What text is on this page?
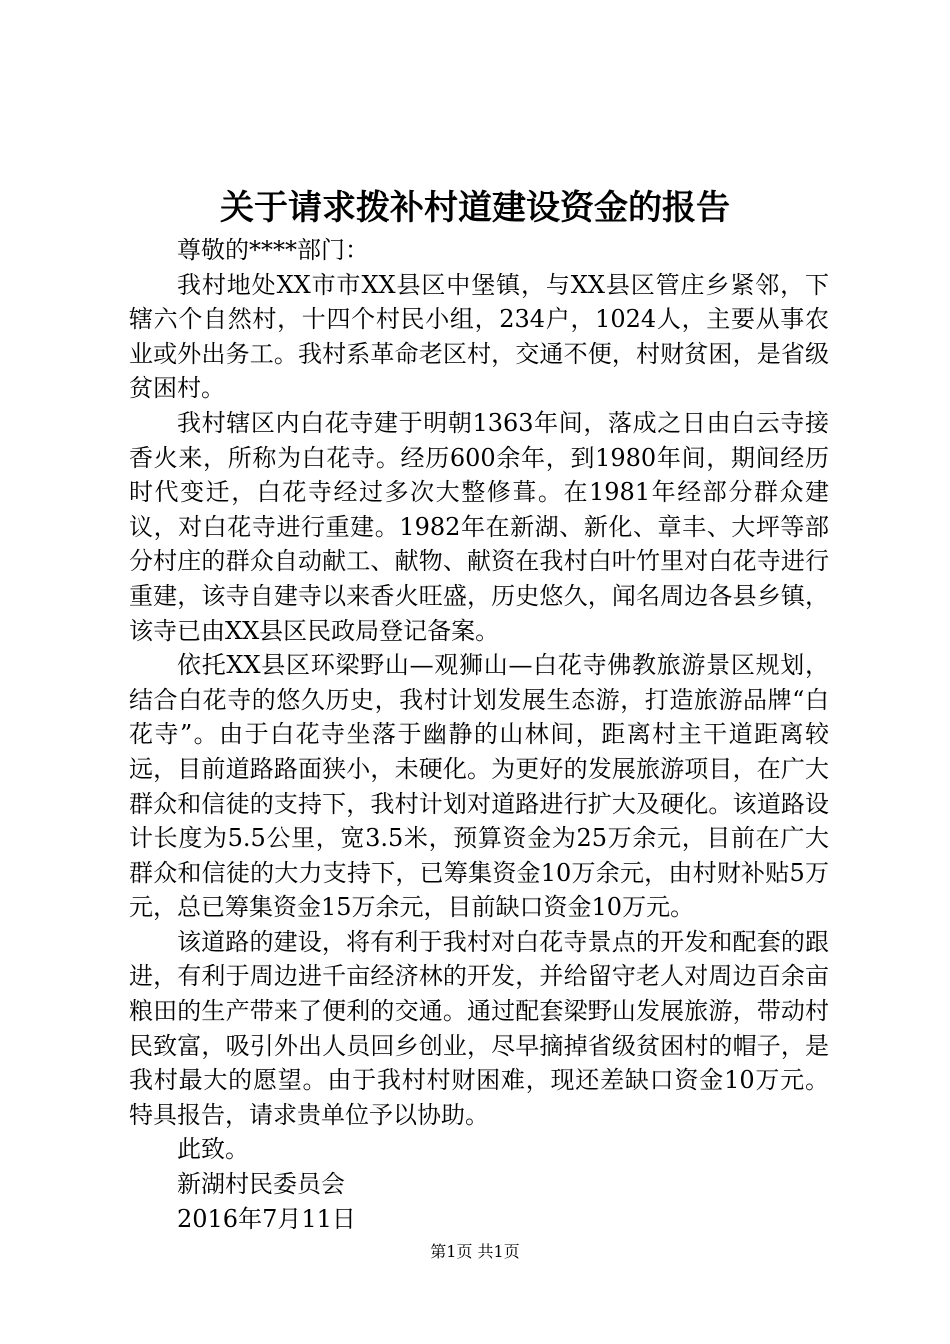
关于请求拨补村道建设资金的报告

尊敬的****部门：

我村地处XX市市XX县区中堡镇，与XX县区管庄乡紧邻，下辖六个自然村，十四个村民小组，234户，1024人，主要从事农业或外出务工。我村系革命老区村，交通不便，村财贫困，是省级贫困村。

我村辖区内白花寺建于明朝1363年间，落成之日由白云寺接香火来，所称为白花寺。经历600余年，到1980年间，期间经历时代变迁，白花寺经过多次大整修葺。在1981年经部分群众建议，对白花寺进行重建。1982年在新湖、新化、章丰、大坪等部分村庄的群众自动献工、献物、献资在我村白叶竹里对白花寺进行重建，该寺自建寺以来香火旺盛，历史悠久，闻名周边各县乡镇，该寺已由XX县区民政局登记备案。

依托XX县区环梁野山—观狮山—白花寺佛教旅游景区规划，结合白花寺的悠久历史，我村计划发展生态游，打造旅游品牌“白花寺”。由于白花寺坐落于幽静的山林间，距离村主干道距离较远，目前道路路面狭小，未硬化。为更好的发展旅游项目，在广大群众和信徒的支持下，我村计划对道路进行扩大及硬化。该道路设计长度为5.5公里，宽3.5米，预算资金为25万余元，目前在广大群众和信徒的大力支持下，已筹集资金10万余元，由村财补贴5万元，总已筹集资金15万余元，目前缺口资金10万元。

该道路的建设，将有利于我村对白花寺景点的开发和配套的跟进，有利于周边进千亩经济林的开发，并给留守老人对周边百余亩粮田的生产带来了便利的交通。通过配套梁野山发展旅游，带动村民致富，吸引外出人员回乡创业，尽早摘掉省级贫困村的帽子，是我村最大的愿望。由于我村村财困难，现还差缺口资金10万元。特具报告，请求贵单位予以协助。

此致。

新湖村民委员会

2016年7月11日

第1页 共1页
